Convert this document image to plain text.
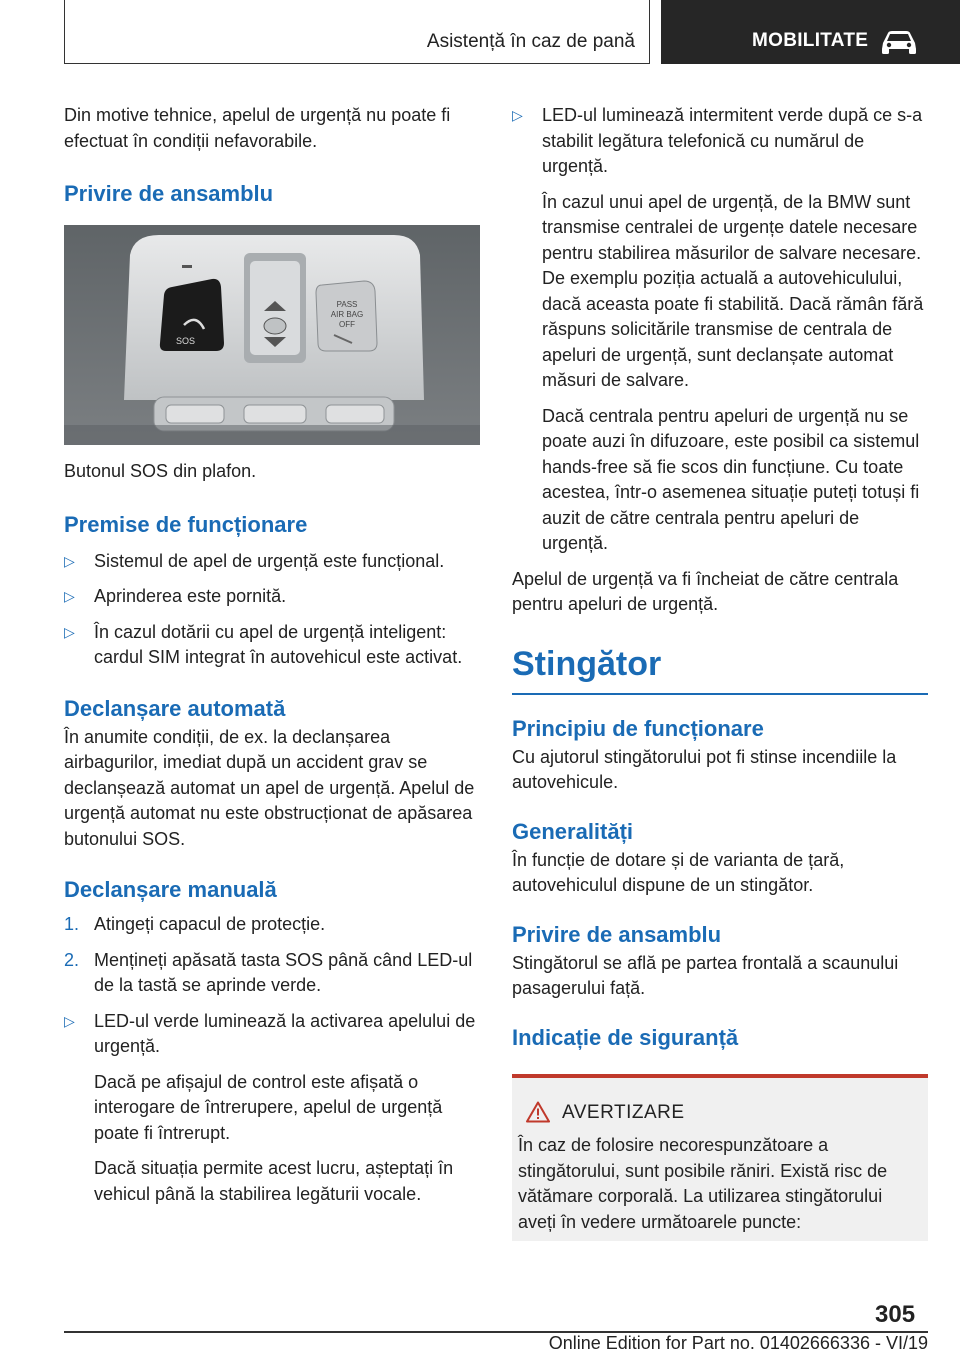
Asistență în caz de pană	MOBILITATE

Din motive tehnice, apelul de urgență nu poate fi efectuat în condiții nefavorabile.

Privire de ansamblu
SOS
PASS
AIR BAG
OFF

Butonul SOS din plafon.

Premise de funcționare
▷ Sistemul de apel de urgență este funcțional.
▷ Aprinderea este pornită.
▷ În cazul dotării cu apel de urgență inteligent: cardul SIM integrat în autovehicul este activat.
Declanșare automată

În anumite condiții, de ex. la declanșarea airbagurilor, imediat după un accident grav se declanșează automat un apel de urgență. Apelul de urgență automat nu este obstrucționat de apăsarea butonului SOS.

Declanșare manuală
1. Atingeți capacul de protecție.
2. Mențineți apăsată tasta SOS până când LED-ul de la tastă se aprinde verde.
▷ LED-ul verde luminează la activarea apelului de urgență.

Dacă pe afișajul de control este afișată o interogare de întrerupere, apelul de urgență poate fi întrerupt.

Dacă situația permite acest lucru, așteptați în vehicul până la stabilirea legăturii vocale.

▷ LED-ul luminează intermitent verde după ce s-a stabilit legătura telefonică cu numărul de urgență.

În cazul unui apel de urgență, de la BMW sunt transmise centralei de urgențe datele necesare pentru stabilirea măsurilor de salvare necesare. De exemplu poziția actuală a autovehiculului, dacă aceasta poate fi stabilită. Dacă rămân fără răspuns solicitările transmise de centrala de apeluri de urgență, sunt declanșate automat măsuri de salvare.

Dacă centrala pentru apeluri de urgență nu se poate auzi în difuzoare, este posibil ca sistemul hands-free să fie scos din funcțiune. Cu toate acestea, într-o asemenea situație puteți totuși fi auzit de către centrala pentru apeluri de urgență.

Apelul de urgență va fi încheiat de către centrala pentru apeluri de urgență.

Stingător
Principiu de funcționare

Cu ajutorul stingătorului pot fi stinse incendiile la autovehicule.

Generalități

În funcție de dotare și de varianta de țară, autovehiculul dispune de un stingător.

Privire de ansamblu

Stingătorul se află pe partea frontală a scaunului pasagerului față.

Indicație de siguranță
AVERTIZARE

În caz de folosire necorespunzătoare a stingătorului, sunt posibile răniri. Există risc de vătămare corporală. La utilizarea stingătorului aveți în vedere următoarele puncte:

305
Online Edition for Part no. 01402666336 - VI/19
